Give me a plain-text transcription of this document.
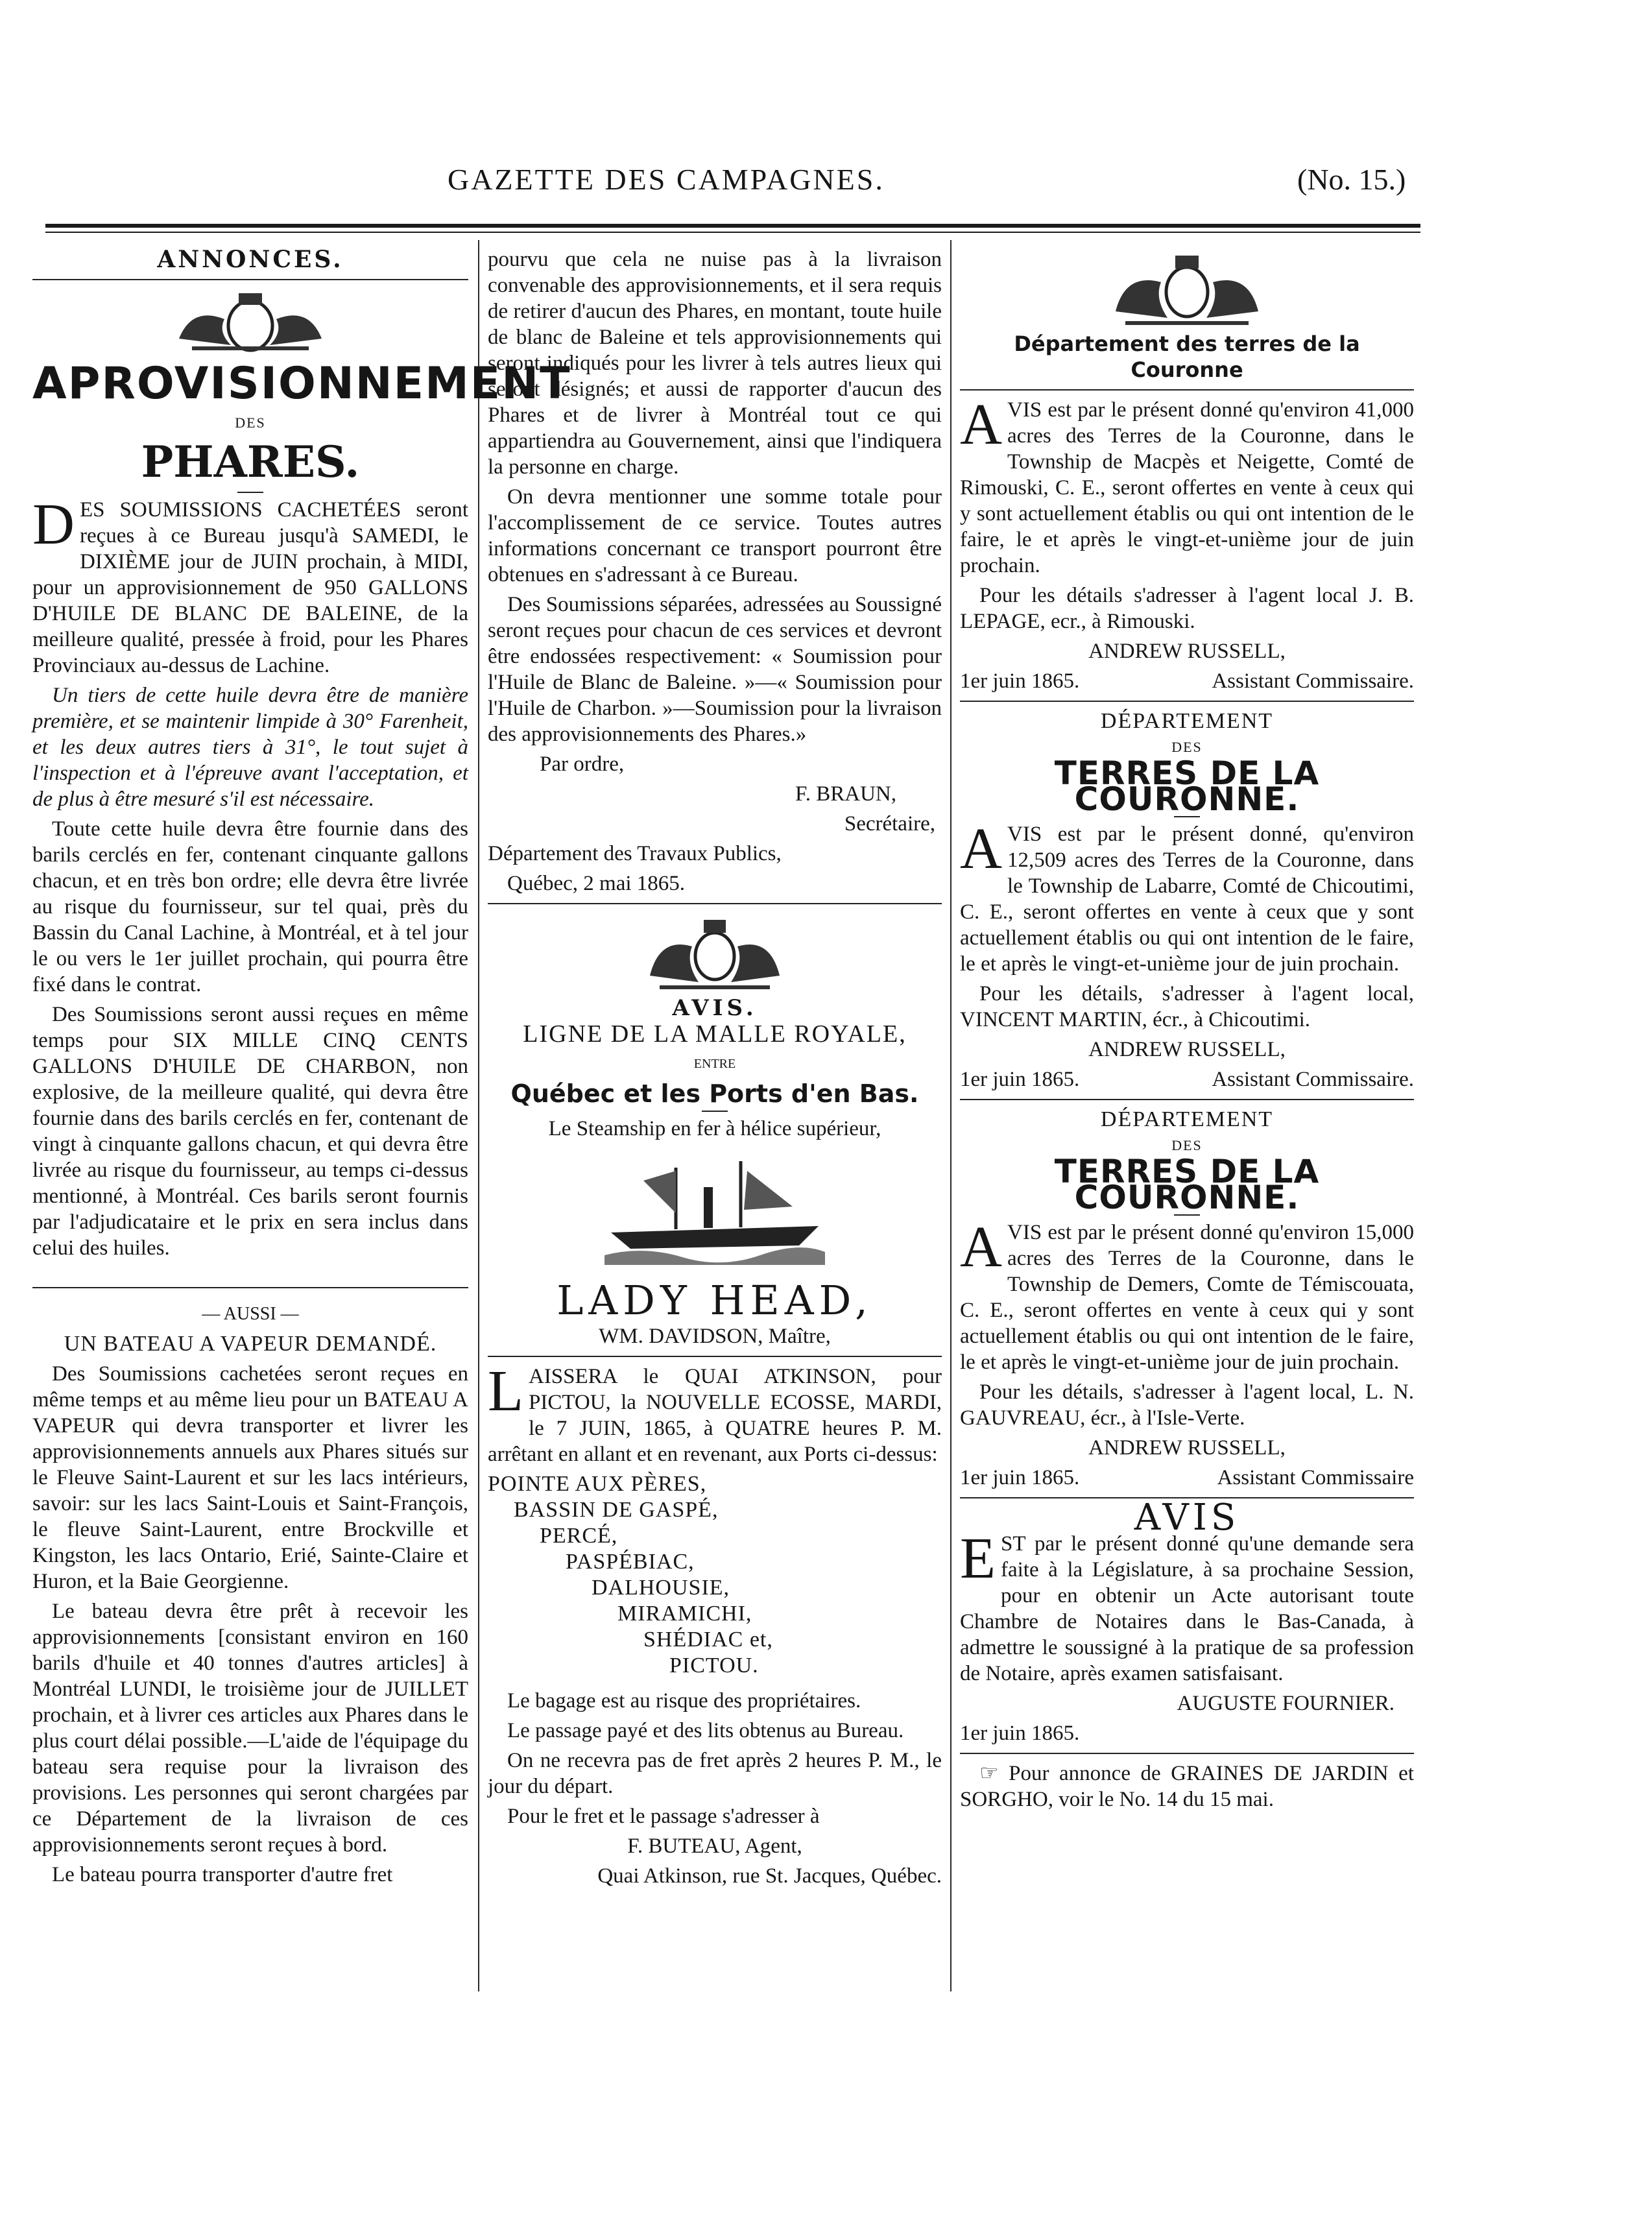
GAZETTE DES CAMPAGNES.	(No. 15.)
ANNONCES.
APROVISIONNEMENT
DES
PHARES.

DES SOUMISSIONS CACHETÉES seront reçues à ce Bureau jusqu'à SAMEDI, le DIXIÈME jour de JUIN prochain, à MIDI, pour un approvisionnement de 950 GALLONS D'HUILE DE BLANC DE BALEINE, de la meilleure qualité, pressée à froid, pour les Phares Provinciaux au-dessus de Lachine.

Un tiers de cette huile devra être de manière première, et se maintenir limpide à 30° Farenheit, et les deux autres tiers à 31°, le tout sujet à l'inspection et à l'épreuve avant l'acceptation, et de plus à être mesuré s'il est nécessaire.

Toute cette huile devra être fournie dans des barils cerclés en fer, contenant cinquante gallons chacun, et en très bon ordre; elle devra être livrée au risque du fournisseur, sur tel quai, près du Bassin du Canal Lachine, à Montréal, et à tel jour le ou vers le 1er juillet prochain, qui pourra être fixé dans le contrat.

Des Soumissions seront aussi reçues en même temps pour SIX MILLE CINQ CENTS GALLONS D'HUILE DE CHARBON, non explosive, de la meilleure qualité, qui devra être fournie dans des barils cerclés en fer, contenant de vingt à cinquante gallons chacun, et qui devra être livrée au risque du fournisseur, au temps ci-dessus mentionné, à Montréal. Ces barils seront fournis par l'adjudicataire et le prix en sera inclus dans celui des huiles.

— AUSSI —

UN BATEAU A VAPEUR DEMANDÉ.

Des Soumissions cachetées seront reçues en même temps et au même lieu pour un BATEAU A VAPEUR qui devra transporter et livrer les approvisionnements annuels aux Phares situés sur le Fleuve Saint-Laurent et sur les lacs intérieurs, savoir: sur les lacs Saint-Louis et Saint-François, le fleuve Saint-Laurent, entre Brockville et Kingston, les lacs Ontario, Erié, Sainte-Claire et Huron, et la Baie Georgienne.

Le bateau devra être prêt à recevoir les approvisionnements [consistant environ en 160 barils d'huile et 40 tonnes d'autres articles] à Montréal LUNDI, le troisième jour de JUILLET prochain, et à livrer ces articles aux Phares dans le plus court délai possible.—L'aide de l'équipage du bateau sera requise pour la livraison des provisions. Les personnes qui seront chargées par ce Département de la livraison de ces approvisionnements seront reçues à bord.

Le bateau pourra transporter d'autre fret

pourvu que cela ne nuise pas à la livraison convenable des approvisionnements, et il sera requis de retirer d'aucun des Phares, en montant, toute huile de blanc de Baleine et tels approvisionnements qui seront indiqués pour les livrer à tels autres lieux qui seront désignés; et aussi de rapporter d'aucun des Phares et de livrer à Montréal tout ce qui appartiendra au Gouvernement, ainsi que l'indiquera la personne en charge.

On devra mentionner une somme totale pour l'accomplissement de ce service. Toutes autres informations concernant ce transport pourront être obtenues en s'adressant à ce Bureau.

Des Soumissions séparées, adressées au Soussigné seront reçues pour chacun de ces services et devront être endossées respectivement: « Soumission pour l'Huile de Blanc de Baleine. »—« Soumission pour l'Huile de Charbon. »—Soumission pour la livraison des approvisionnements des Phares.»

Par ordre,

F. BRAUN,

Secrétaire,

Département des Travaux Publics,

Québec, 2 mai 1865.

AVIS.

LIGNE DE LA MALLE ROYALE,

ENTRE

Québec et les Ports d'en Bas.

Le Steamship en fer à hélice supérieur,

LADY HEAD,

WM. DAVIDSON, Maître,

LAISSERA le QUAI ATKINSON, pour PICTOU, la NOUVELLE ECOSSE, MARDI, le 7 JUIN, 1865, à QUATRE heures P. M. arrêtant en allant et en revenant, aux Ports ci-dessus:

POINTE AUX PÈRES,

BASSIN DE GASPÉ,

PERCÉ,

PASPÉBIAC,

DALHOUSIE,

MIRAMICHI,

SHÉDIAC et,

PICTOU.

Le bagage est au risque des propriétaires.

Le passage payé et des lits obtenus au Bureau.

On ne recevra pas de fret après 2 heures P. M., le jour du départ.

Pour le fret et le passage s'adresser à

F. BUTEAU, Agent,

Quai Atkinson, rue St. Jacques, Québec.

Département des terres de la Couronne

AVIS est par le présent donné qu'environ 41,000 acres des Terres de la Couronne, dans le Township de Macpès et Neigette, Comté de Rimouski, C. E., seront offertes en vente à ceux qui y sont actuellement établis ou qui ont intention de le faire, le et après le vingt-et-unième jour de juin prochain.

Pour les détails s'adresser à l'agent local J. B. LEPAGE, ecr., à Rimouski.

ANDREW RUSSELL,

1er juin 1865.	Assistant Commissaire.
DÉPARTEMENT
DES
TERRES DE LA COURONNE.

AVIS est par le présent donné, qu'environ 12,509 acres des Terres de la Couronne, dans le Township de Labarre, Comté de Chicoutimi, C. E., seront offertes en vente à ceux que y sont actuellement établis ou qui ont intention de le faire, le et après le vingt-et-unième jour de juin prochain.

Pour les détails, s'adresser à l'agent local, VINCENT MARTIN, écr., à Chicoutimi.

ANDREW RUSSELL,

1er juin 1865.	Assistant Commissaire.
DÉPARTEMENT
DES
TERRES DE LA COURONNE.

AVIS est par le présent donné qu'environ 15,000 acres des Terres de la Couronne, dans le Township de Demers, Comte de Témiscouata, C. E., seront offertes en vente à ceux qui y sont actuellement établis ou qui ont intention de le faire, le et après le vingt-et-unième jour de juin prochain.

Pour les détails, s'adresser à l'agent local, L. N. GAUVREAU, écr., à l'Isle-Verte.

ANDREW RUSSELL,

1er juin 1865.	Assistant Commissaire
AVIS

EST par le présent donné qu'une demande sera faite à la Législature, à sa prochaine Session, pour en obtenir un Acte autorisant toute Chambre de Notaires dans le Bas-Canada, à admettre le soussigné à la pratique de sa profession de Notaire, après examen satisfaisant.

AUGUSTE FOURNIER.

1er juin 1865.

☞ Pour annonce de GRAINES DE JARDIN et SORGHO, voir le No. 14 du 15 mai.
